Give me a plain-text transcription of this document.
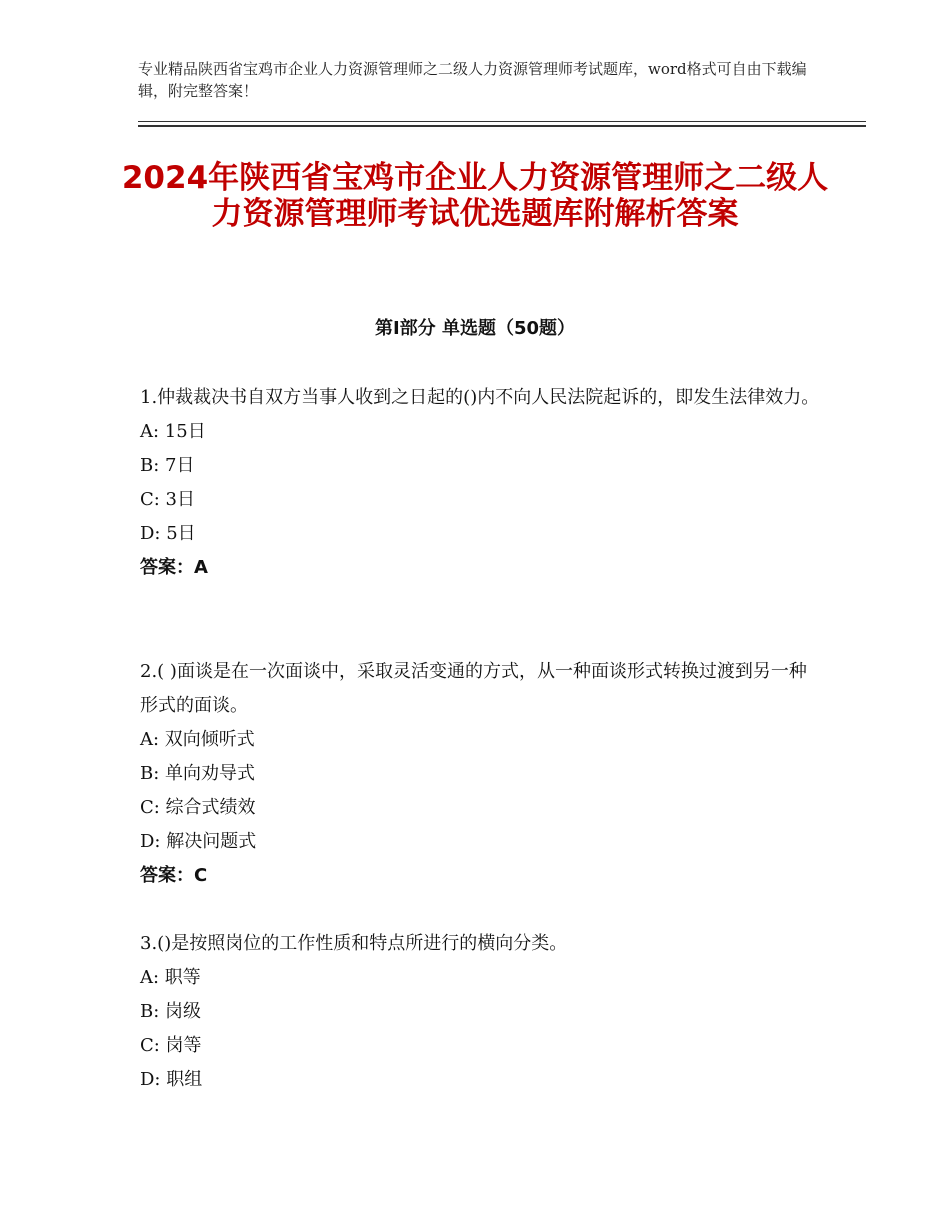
专业精品陕西省宝鸡市企业人力资源管理师之二级人力资源管理师考试题库，word格式可自由下载编辑，附完整答案！
2024年陕西省宝鸡市企业人力资源管理师之二级人力资源管理师考试优选题库附解析答案
第Ⅰ部分 单选题（50题）

1.仲裁裁决书自双方当事人收到之日起的()内不向人民法院起诉的，即发生法律效力。

A: 15日

B: 7日

C: 3日

D: 5日

答案：A

2.( )面谈是在一次面谈中，采取灵活变通的方式，从一种面谈形式转换过渡到另一种形式的面谈。

A: 双向倾听式

B: 单向劝导式

C: 综合式绩效

D: 解决问题式

答案：C

3.()是按照岗位的工作性质和特点所进行的横向分类。

A: 职等

B: 岗级

C: 岗等

D: 职组
